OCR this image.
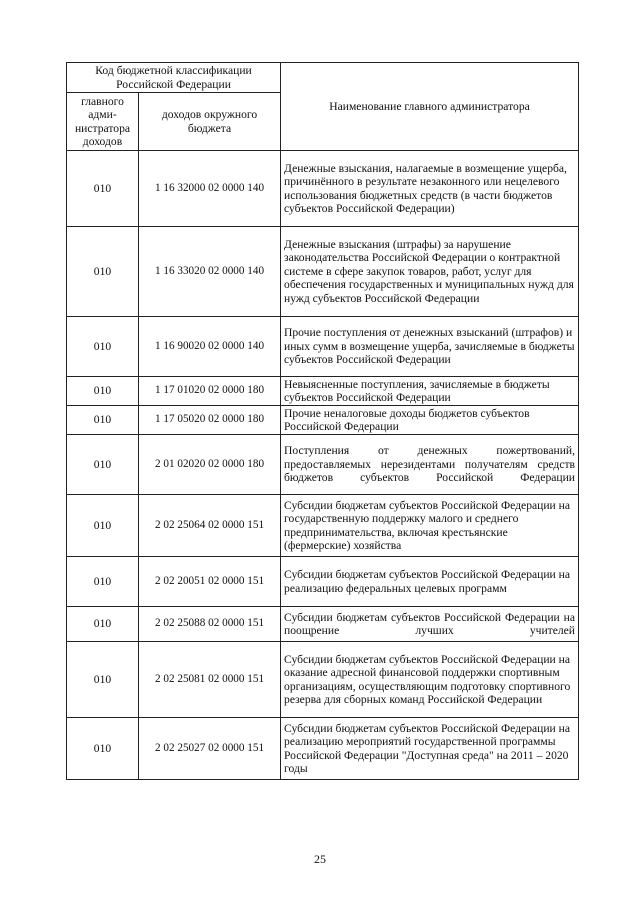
Код бюджетной классификации Российской Федерации		Наименование главного администратора
главного адми-нистратора доходов	доходов окружного бюджета	
010	1 16 32000 02 0000 140	Денежные взыскания, налагаемые в возмещение ущерба, причинённого в результате незаконного или нецелевого использования бюджетных средств (в части бюджетов субъектов Российской Федерации)
010	1 16 33020 02 0000 140	Денежные взыскания (штрафы) за нарушение законодательства Российской Федерации о контрактной системе в сфере закупок товаров, работ, услуг для обеспечения государственных и муниципальных нужд для нужд субъектов Российской Федерации
010	1 16 90020 02 0000 140	Прочие поступления от денежных взысканий (штрафов) и иных сумм в возмещение ущерба, зачисляемые в бюджеты субъектов Российской Федерации
010	1 17 01020 02 0000 180	Невыясненные поступления, зачисляемые в бюджеты субъектов Российской Федерации
010	1 17 05020 02 0000 180	Прочие неналоговые доходы бюджетов субъектов Российской Федерации
010	2 01 02020 02 0000 180	Поступления от денежных пожертвований, предоставляемых нерезидентами получателям средств бюджетов субъектов Российской Федерации
010	2 02 25064 02 0000 151	Субсидии бюджетам субъектов Российской Федерации на государственную поддержку малого и среднего предпринимательства, включая крестьянские (фермерские) хозяйства
010	2 02 20051 02 0000 151	Субсидии бюджетам субъектов Российской Федерации на реализацию федеральных целевых программ
010	2 02 25088 02 0000 151	Субсидии бюджетам субъектов Российской Федерации на поощрение лучших учителей
010	2 02 25081 02 0000 151	Субсидии бюджетам субъектов Российской Федерации на оказание адресной финансовой поддержки спортивным организациям, осуществляющим подготовку спортивного резерва для сборных команд Российской Федерации
010	2 02 25027 02 0000 151	Субсидии бюджетам субъектов Российской Федерации на реализацию мероприятий государственной программы Российской Федерации "Доступная среда" на 2011 – 2020 годы
25
